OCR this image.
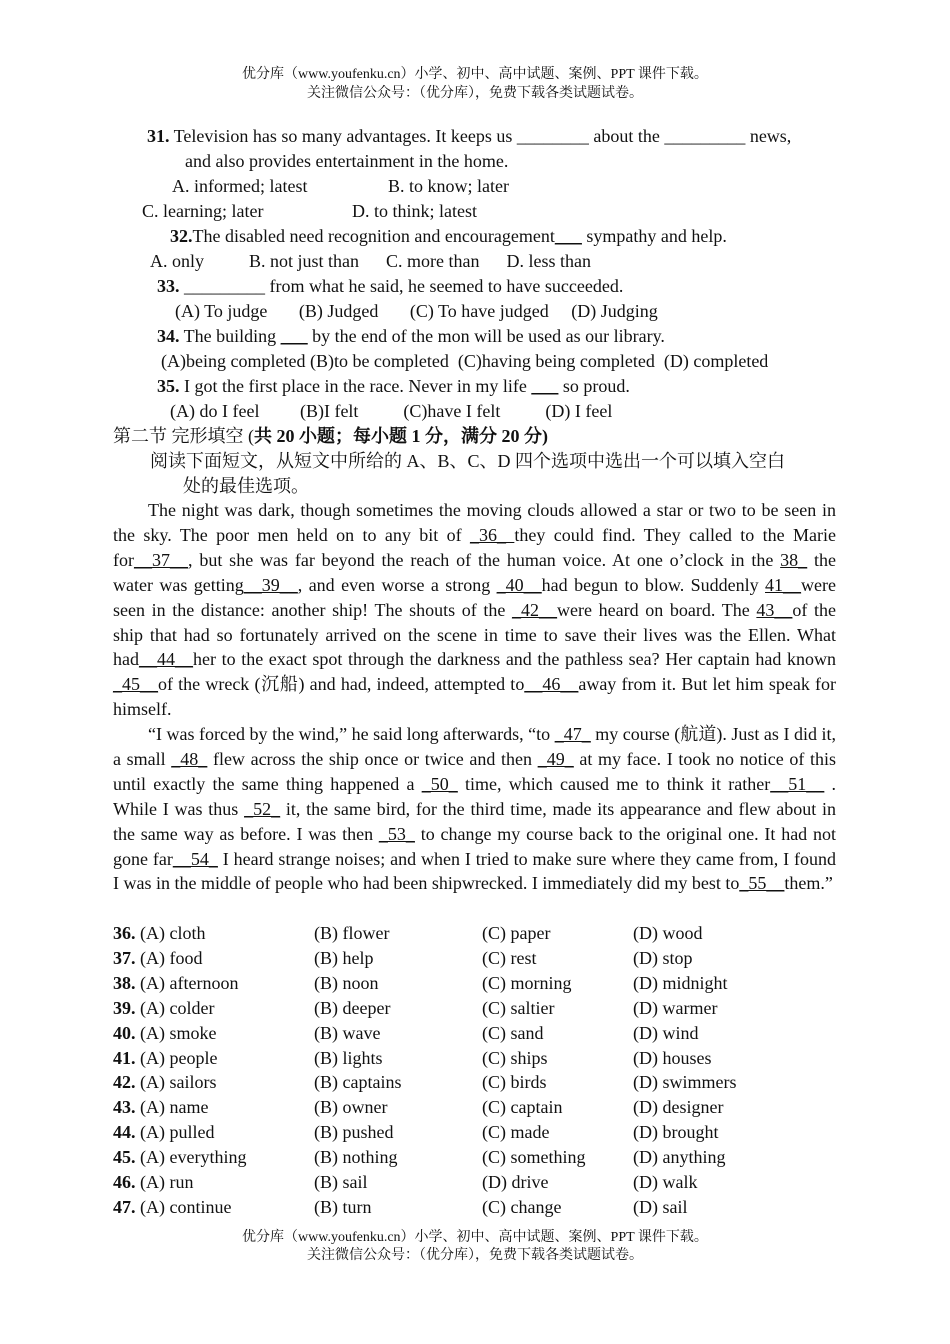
优分库（www.youfenku.cn）小学、初中、高中试题、案例、PPT 课件下载。
关注微信公众号：（优分库），免费下载各类试题试卷。
31. Television has so many advantages. It keeps us ________ about the _________ news,
and also provides entertainment in the home.
A. informed; latest	B. to know; later
C. learning; later	D. to think; latest
32.The disabled need recognition and encouragement___ sympathy and help.
A. only          B. not just than      C. more than      D. less than
33. _________ from what he said, he seemed to have succeeded.
(A) To judge       (B) Judged       (C) To have judged     (D) Judging
34. The building ___ by the end of the mon will be used as our library.
(A)being completed (B)to be completed  (C)having being completed  (D) completed
35. I got the first place in the race. Never in my life ___ so proud.
(A) do I feel         (B)I felt          (C)have I felt          (D) I feel
第二节 完形填空 (共 20 小题；每小题 1 分，满分 20 分)
阅读下面短文，从短文中所给的 A、B、C、D 四个选项中选出一个可以填入空白
处的最佳选项。
The night was dark, though sometimes the moving clouds allowed a star or two to be seen in the sky. The poor men held on to any bit of _36_ they could find. They called to the Marie for__37__, but she was far beyond the reach of the human voice. At one o’clock in the 38_ the water was getting__39__, and even worse a strong _40__had begun to blow. Suddenly 41__were seen in the distance: another ship! The shouts of the _42__were heard on board. The 43__of the ship that had so fortunately arrived on the scene in time to save their lives was the Ellen. What had__44__her to the exact spot through the darkness and the pathless sea? Her captain had known _45__of the wreck (沉船) and had, indeed, attempted to__46__away from it. But let him speak for himself.
“I was forced by the wind,” he said long afterwards, “to _47_ my course (航道). Just as I did it, a small _48_ flew across the ship once or twice and then _49_ at my face. I took no notice of this until exactly the same thing happened a _50_ time, which caused me to think it rather__51__ . While I was thus _52_ it, the same bird, for the third time, made its appearance and flew about in the same way as before. I was then _53_ to change my course back to the original one. It had not gone far__54_ I heard strange noises; and when I tried to make sure where they came from, I found I was in the middle of people who had been shipwrecked. I immediately did my best to_55__them.”
36. (A) cloth	(B) flower	(C) paper	(D) wood
37. (A) food	(B) help	(C) rest	(D) stop
38. (A) afternoon	(B) noon	(C) morning	(D) midnight
39. (A) colder	(B) deeper	(C) saltier	(D) warmer
40. (A) smoke	(B) wave	(C) sand	(D) wind
41. (A) people	(B) lights	(C) ships	(D) houses
42. (A) sailors	(B) captains	(C) birds	(D) swimmers
43. (A) name	(B) owner	(C) captain	(D) designer
44. (A) pulled	(B) pushed	(C) made	(D) brought
45. (A) everything	(B) nothing	(C) something	(D) anything
46. (A) run	(B) sail	(D) drive	(D) walk
47. (A) continue	(B) turn	(C) change	(D) sail
优分库（www.youfenku.cn）小学、初中、高中试题、案例、PPT 课件下载。
关注微信公众号：（优分库），免费下载各类试题试卷。
